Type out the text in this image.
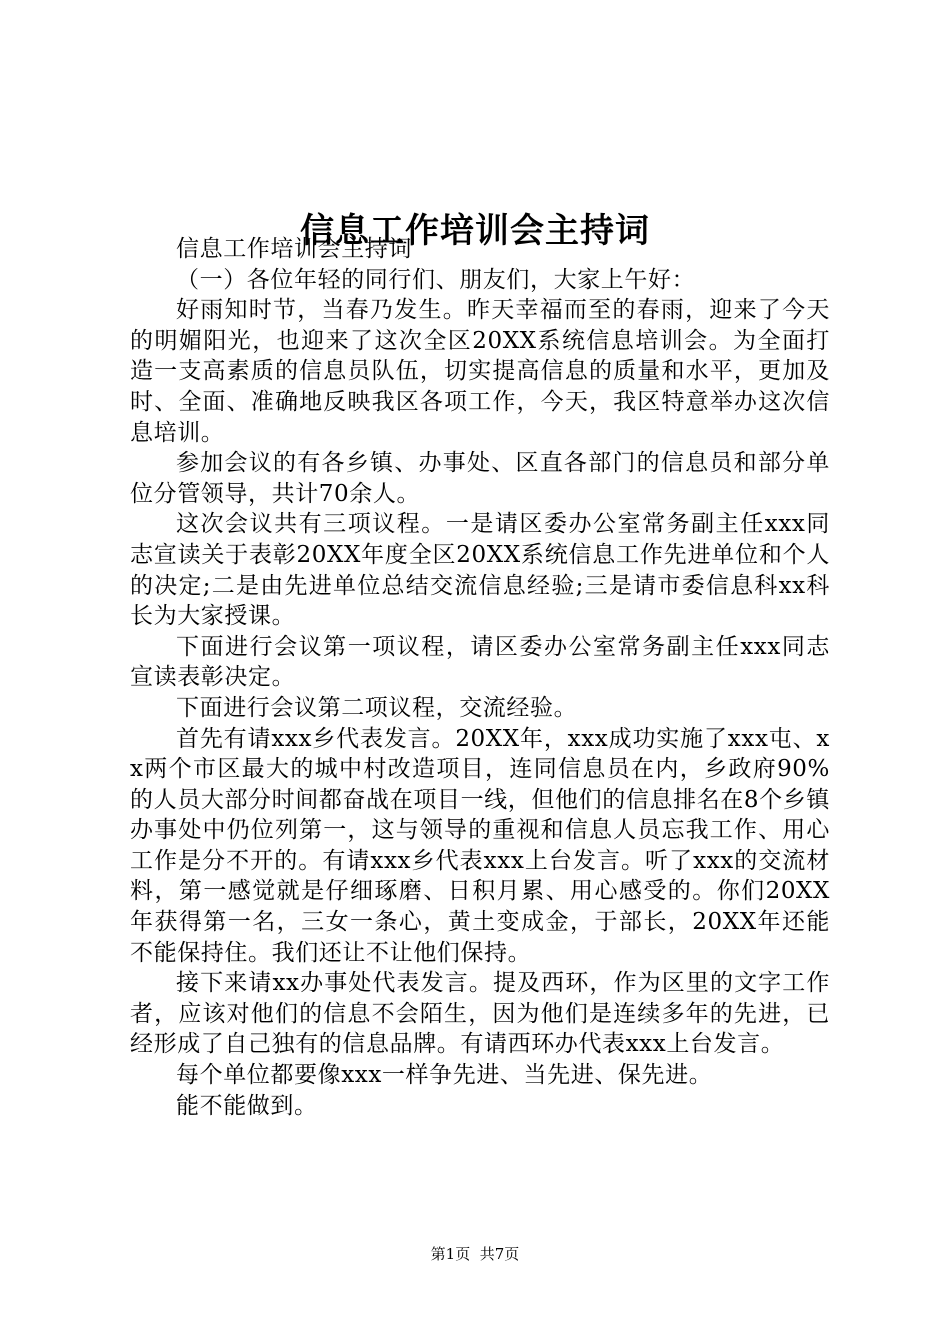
信息工作培训会主持词

信息工作培训会主持词

（一）各位年轻的同行们、朋友们，大家上午好：

好雨知时节，当春乃发生。昨天幸福而至的春雨，迎来了今天的明媚阳光，也迎来了这次全区20XX系统信息培训会。为全面打造一支高素质的信息员队伍，切实提高信息的质量和水平，更加及时、全面、准确地反映我区各项工作，今天，我区特意举办这次信息培训。

参加会议的有各乡镇、办事处、区直各部门的信息员和部分单位分管领导，共计70余人。

这次会议共有三项议程。一是请区委办公室常务副主任xxx同志宣读关于表彰20XX年度全区20XX系统信息工作先进单位和个人的决定;二是由先进单位总结交流信息经验;三是请市委信息科xx科长为大家授课。

下面进行会议第一项议程，请区委办公室常务副主任xxx同志宣读表彰决定。

下面进行会议第二项议程，交流经验。

首先有请xxx乡代表发言。20XX年，xxx成功实施了xxx屯、xx两个市区最大的城中村改造项目，连同信息员在内，乡政府90%的人员大部分时间都奋战在项目一线，但他们的信息排名在8个乡镇办事处中仍位列第一，这与领导的重视和信息人员忘我工作、用心工作是分不开的。有请xxx乡代表xxx上台发言。听了xxx的交流材料，第一感觉就是仔细琢磨、日积月累、用心感受的。你们20XX年获得第一名，三女一条心，黄土变成金，于部长，20XX年还能不能保持住。我们还让不让他们保持。

接下来请xx办事处代表发言。提及西环，作为区里的文字工作者，应该对他们的信息不会陌生，因为他们是连续多年的先进，已经形成了自己独有的信息品牌。有请西环办代表xxx上台发言。

每个单位都要像xxx一样争先进、当先进、保先进。

能不能做到。

第1页 共7页
